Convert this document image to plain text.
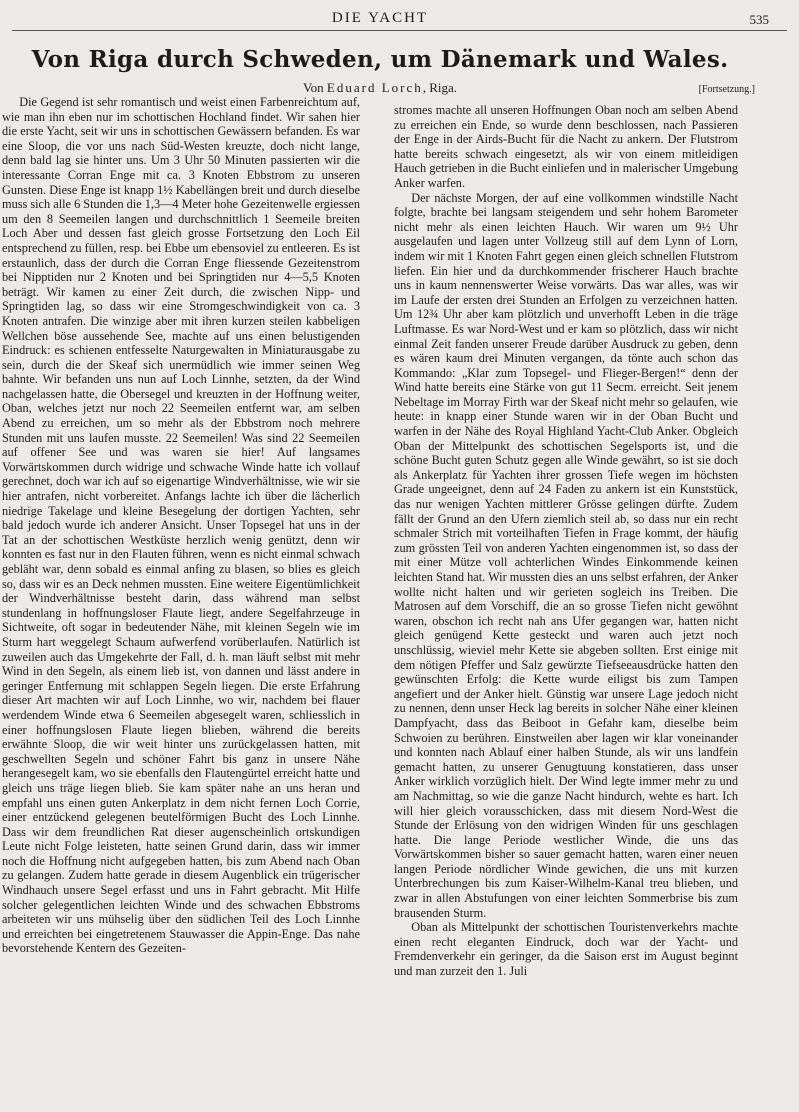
DIE YACHT	535
Von Riga durch Schweden, um Dänemark und Wales.
Von Eduard Lorch, Riga.	[Fortsetzung.]

Die Gegend ist sehr romantisch und weist einen Farbenreichtum auf, wie man ihn eben nur im schottischen Hochland findet. Wir sahen hier die erste Yacht, seit wir uns in schottischen Gewässern befanden. Es war eine Sloop, die vor uns nach Süd-Westen kreuzte, doch nicht lange, denn bald lag sie hinter uns. Um 3 Uhr 50 Minuten passierten wir die interessante Corran Enge mit ca. 3 Knoten Ebbstrom zu unseren Gunsten. Diese Enge ist knapp 1½ Kabellängen breit und durch dieselbe muss sich alle 6 Stunden die 1,3—4 Meter hohe Gezeitenwelle ergiessen um den 8 Seemeilen langen und durchschnittlich 1 Seemeile breiten Loch Aber und dessen fast gleich grosse Fortsetzung den Loch Eil entsprechend zu füllen, resp. bei Ebbe um ebensoviel zu entleeren. Es ist erstaunlich, dass der durch die Corran Enge fliessende Gezeitenstrom bei Nipptiden nur 2 Knoten und bei Springtiden nur 4—5,5 Knoten beträgt. Wir kamen zu einer Zeit durch, die zwischen Nipp- und Springtiden lag, so dass wir eine Stromgeschwindigkeit von ca. 3 Knoten antrafen. Die winzige aber mit ihren kurzen steilen kabbeligen Wellchen böse aussehende See, machte auf uns einen belustigenden Eindruck: es schienen entfesselte Naturgewalten in Miniaturausgabe zu sein, durch die der Skeaf sich unermüdlich wie immer seinen Weg bahnte. Wir befanden uns nun auf Loch Linnhe, setzten, da der Wind nachgelassen hatte, die Obersegel und kreuzten in der Hoffnung weiter, Oban, welches jetzt nur noch 22 Seemeilen entfernt war, am selben Abend zu erreichen, um so mehr als der Ebbstrom noch mehrere Stunden mit uns laufen musste. 22 Seemeilen! Was sind 22 Seemeilen auf offener See und was waren sie hier! Auf langsames Vorwärtskommen durch widrige und schwache Winde hatte ich vollauf gerechnet, doch war ich auf so eigenartige Windverhältnisse, wie wir sie hier antrafen, nicht vorbereitet. Anfangs lachte ich über die lächerlich niedrige Takelage und kleine Besegelung der dortigen Yachten, sehr bald jedoch wurde ich anderer Ansicht. Unser Topsegel hat uns in der Tat an der schottischen Westküste herzlich wenig genützt, denn wir konnten es fast nur in den Flauten führen, wenn es nicht einmal schwach gebläht war, denn sobald es einmal anfing zu blasen, so blies es gleich so, dass wir es an Deck nehmen mussten. Eine weitere Eigentümlichkeit der Windverhältnisse besteht darin, dass während man selbst stundenlang in hoffnungsloser Flaute liegt, andere Segelfahrzeuge in Sichtweite, oft sogar in bedeutender Nähe, mit kleinen Segeln wie im Sturm hart weggelegt Schaum aufwerfend vorüberlaufen. Natürlich ist zuweilen auch das Umgekehrte der Fall, d. h. man läuft selbst mit mehr Wind in den Segeln, als einem lieb ist, von dannen und lässt andere in geringer Entfernung mit schlappen Segeln liegen. Die erste Erfahrung dieser Art machten wir auf Loch Linnhe, wo wir, nachdem bei flauer werdendem Winde etwa 6 Seemeilen abgesegelt waren, schliesslich in einer hoffnungslosen Flaute liegen blieben, während die bereits erwähnte Sloop, die wir weit hinter uns zurückgelassen hatten, mit geschwellten Segeln und schöner Fahrt bis ganz in unsere Nähe herangesegelt kam, wo sie ebenfalls den Flautengürtel erreicht hatte und gleich uns träge liegen blieb. Sie kam später nahe an uns heran und empfahl uns einen guten Ankerplatz in dem nicht fernen Loch Corrie, einer entzückend gelegenen beutelförmigen Bucht des Loch Linnhe. Dass wir dem freundlichen Rat dieser augenscheinlich ortskundigen Leute nicht Folge leisteten, hatte seinen Grund darin, dass wir immer noch die Hoffnung nicht aufgegeben hatten, bis zum Abend nach Oban zu gelangen. Zudem hatte gerade in diesem Augenblick ein trügerischer Windhauch unsere Segel erfasst und uns in Fahrt gebracht. Mit Hilfe solcher gelegentlichen leichten Winde und des schwachen Ebbstroms arbeiteten wir uns mühselig über den südlichen Teil des Loch Linnhe und erreichten bei eingetretenem Stauwasser die Appin-Enge. Das nahe bevorstehende Kentern des Gezeiten-

stromes machte all unseren Hoffnungen Oban noch am selben Abend zu erreichen ein Ende, so wurde denn beschlossen, nach Passieren der Enge in der Airds-Bucht für die Nacht zu ankern. Der Flutstrom hatte bereits schwach eingesetzt, als wir von einem mitleidigen Hauch getrieben in die Bucht einliefen und in malerischer Umgebung Anker warfen.

Der nächste Morgen, der auf eine vollkommen windstille Nacht folgte, brachte bei langsam steigendem und sehr hohem Barometer nicht mehr als einen leichten Hauch. Wir waren um 9½ Uhr ausgelaufen und lagen unter Vollzeug still auf dem Lynn of Lorn, indem wir mit 1 Knoten Fahrt gegen einen gleich schnellen Flutstrom liefen. Ein hier und da durchkommender frischerer Hauch brachte uns in kaum nennenswerter Weise vorwärts. Das war alles, was wir im Laufe der ersten drei Stunden an Erfolgen zu verzeichnen hatten. Um 12¾ Uhr aber kam plötzlich und unverhofft Leben in die träge Luftmasse. Es war Nord-West und er kam so plötzlich, dass wir nicht einmal Zeit fanden unserer Freude darüber Ausdruck zu geben, denn es wären kaum drei Minuten vergangen, da tönte auch schon das Kommando: „Klar zum Topsegel- und Flieger-Bergen!“ denn der Wind hatte bereits eine Stärke von gut 11 Secm. erreicht. Seit jenem Nebeltage im Morray Firth war der Skeaf nicht mehr so gelaufen, wie heute: in knapp einer Stunde waren wir in der Oban Bucht und warfen in der Nähe des Royal Highland Yacht-Club Anker. Obgleich Oban der Mittelpunkt des schottischen Segelsports ist, und die schöne Bucht guten Schutz gegen alle Winde gewährt, so ist sie doch als Ankerplatz für Yachten ihrer grossen Tiefe wegen im höchsten Grade ungeeignet, denn auf 24 Faden zu ankern ist ein Kunststück, das nur wenigen Yachten mittlerer Grösse gelingen dürfte. Zudem fällt der Grund an den Ufern ziemlich steil ab, so dass nur ein recht schmaler Strich mit vorteilhaften Tiefen in Frage kommt, der häufig zum grössten Teil von anderen Yachten eingenommen ist, so dass der mit einer Mütze voll achterlichen Windes Einkommende keinen leichten Stand hat. Wir mussten dies an uns selbst erfahren, der Anker wollte nicht halten und wir gerieten sogleich ins Treiben. Die Matrosen auf dem Vorschiff, die an so grosse Tiefen nicht gewöhnt waren, obschon ich recht nah ans Ufer gegangen war, hatten nicht gleich genügend Kette gesteckt und waren auch jetzt noch unschlüssig, wieviel mehr Kette sie abgeben sollten. Erst einige mit dem nötigen Pfeffer und Salz gewürzte Tiefseeausdrücke hatten den gewünschten Erfolg: die Kette wurde eiligst bis zum Tampen angefiert und der Anker hielt. Günstig war unsere Lage jedoch nicht zu nennen, denn unser Heck lag bereits in solcher Nähe einer kleinen Dampfyacht, dass das Beiboot in Gefahr kam, dieselbe beim Schwoien zu berühren. Einstweilen aber lagen wir klar voneinander und konnten nach Ablauf einer halben Stunde, als wir uns landfein gemacht hatten, zu unserer Genugtuung konstatieren, dass unser Anker wirklich vorzüglich hielt. Der Wind legte immer mehr zu und am Nachmittag, so wie die ganze Nacht hindurch, wehte es hart. Ich will hier gleich vorausschicken, dass mit diesem Nord-West die Stunde der Erlösung von den widrigen Winden für uns geschlagen hatte. Die lange Periode westlicher Winde, die uns das Vorwärtskommen bisher so sauer gemacht hatten, waren einer neuen langen Periode nördlicher Winde gewichen, die uns mit kurzen Unterbrechungen bis zum Kaiser-Wilhelm-Kanal treu blieben, und zwar in allen Abstufungen von einer leichten Sommerbrise bis zum brausenden Sturm.

Oban als Mittelpunkt der schottischen Touristenverkehrs machte einen recht eleganten Eindruck, doch war der Yacht- und Fremdenverkehr ein geringer, da die Saison erst im August beginnt und man zurzeit den 1. Juli
